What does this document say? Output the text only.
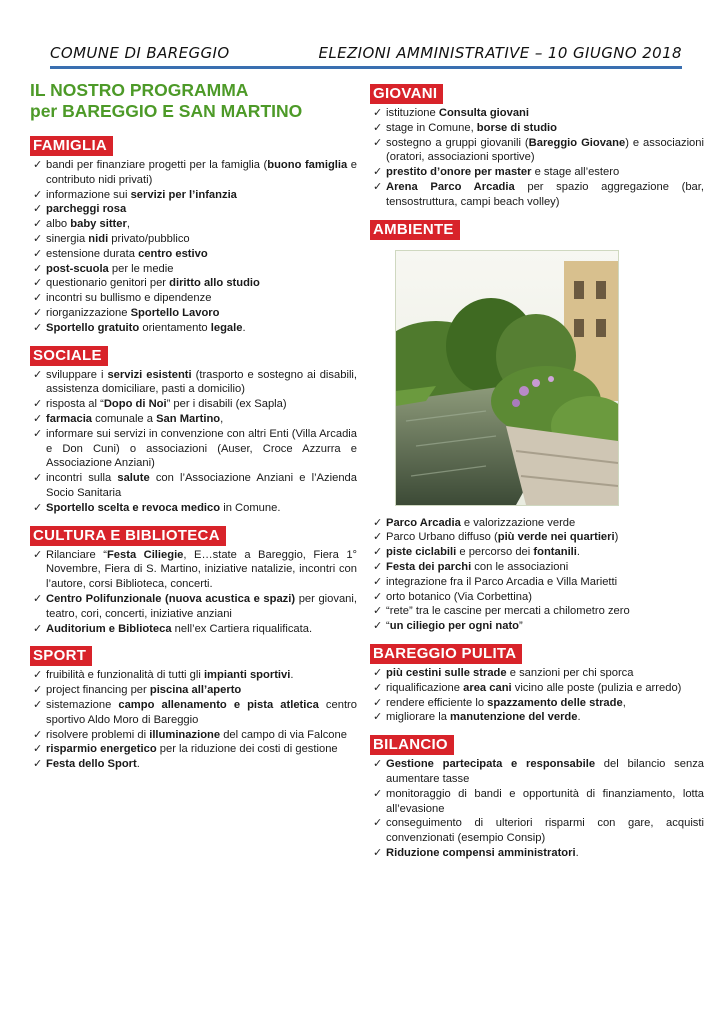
COMUNE DI BAREGGIO	ELEZIONI AMMINISTRATIVE – 10 GIUGNO 2018
IL NOSTRO PROGRAMMA
per BAREGGIO E SAN MARTINO
FAMIGLIA
✓ bandi per finanziare progetti per la famiglia (buono famiglia e contributo nidi privati)
✓ informazione sui servizi per l’infanzia
✓ parcheggi rosa
✓ albo baby sitter,
✓ sinergia nidi privato/pubblico
✓ estensione durata centro estivo
✓ post-scuola per le medie
✓ questionario genitori per diritto allo studio
✓ incontri su bullismo e dipendenze
✓ riorganizzazione Sportello Lavoro
✓ Sportello gratuito orientamento legale.
SOCIALE
✓ sviluppare i servizi esistenti (trasporto e sostegno ai disabili, assistenza domiciliare, pasti a domicilio)
✓ risposta al “Dopo di Noi” per i disabili (ex Sapla)
✓ farmacia comunale a San Martino,
✓ informare sui servizi in convenzione con altri Enti (Villa Arcadia e Don Cuni) o associazioni (Auser, Croce Azzurra e Associazione Anziani)
✓ incontri sulla salute con l’Associazione Anziani e l’Azienda Socio Sanitaria
✓ Sportello scelta e revoca medico in Comune.
CULTURA E BIBLIOTECA
✓ Rilanciare “Festa Ciliegie, E…state a Bareggio, Fiera 1° Novembre, Fiera di S. Martino, iniziative natalizie, incontri con l’autore, corsi Biblioteca, concerti.
✓ Centro Polifunzionale (nuova acustica e spazi) per giovani, teatro, cori, concerti, iniziative anziani
✓ Auditorium e Biblioteca nell’ex Cartiera riqualificata.
SPORT
✓ fruibilità e funzionalità di tutti gli impianti sportivi.
✓ project financing per piscina all’aperto
✓ sistemazione campo allenamento e pista atletica centro sportivo Aldo Moro di Bareggio
✓ risolvere problemi di illuminazione del campo di via Falcone
✓ risparmio energetico per la riduzione dei costi di gestione
✓ Festa dello Sport.
GIOVANI
✓ istituzione Consulta giovani
✓ stage in Comune, borse di studio
✓ sostegno a gruppi giovanili (Bareggio Giovane) e associazioni (oratori, associazioni sportive)
✓ prestito d’onore per master e stage all’estero
✓ Arena Parco Arcadia per spazio aggregazione (bar, tensostruttura, campi beach volley)
AMBIENTE
✓ Parco Arcadia e valorizzazione verde
✓ Parco Urbano diffuso (più verde nei quartieri)
✓ piste ciclabili e percorso dei fontanili.
✓ Festa dei parchi con le associazioni
✓ integrazione fra il Parco Arcadia e Villa Marietti
✓ orto botanico (Via Corbettina)
✓ “rete” tra le cascine per mercati a chilometro zero
✓ “un ciliegio per ogni nato”
BAREGGIO PULITA
✓ più cestini sulle strade e sanzioni per chi sporca
✓ riqualificazione area cani vicino alle poste (pulizia e arredo)
✓ rendere efficiente lo spazzamento delle strade,
✓ migliorare la manutenzione del verde.
BILANCIO
✓ Gestione partecipata e responsabile del bilancio senza aumentare tasse
✓ monitoraggio di bandi e opportunità di finanziamento, lotta all’evasione
✓ conseguimento di ulteriori risparmi con gare, acquisti convenzionati (esempio Consip)
✓ Riduzione compensi amministratori.
